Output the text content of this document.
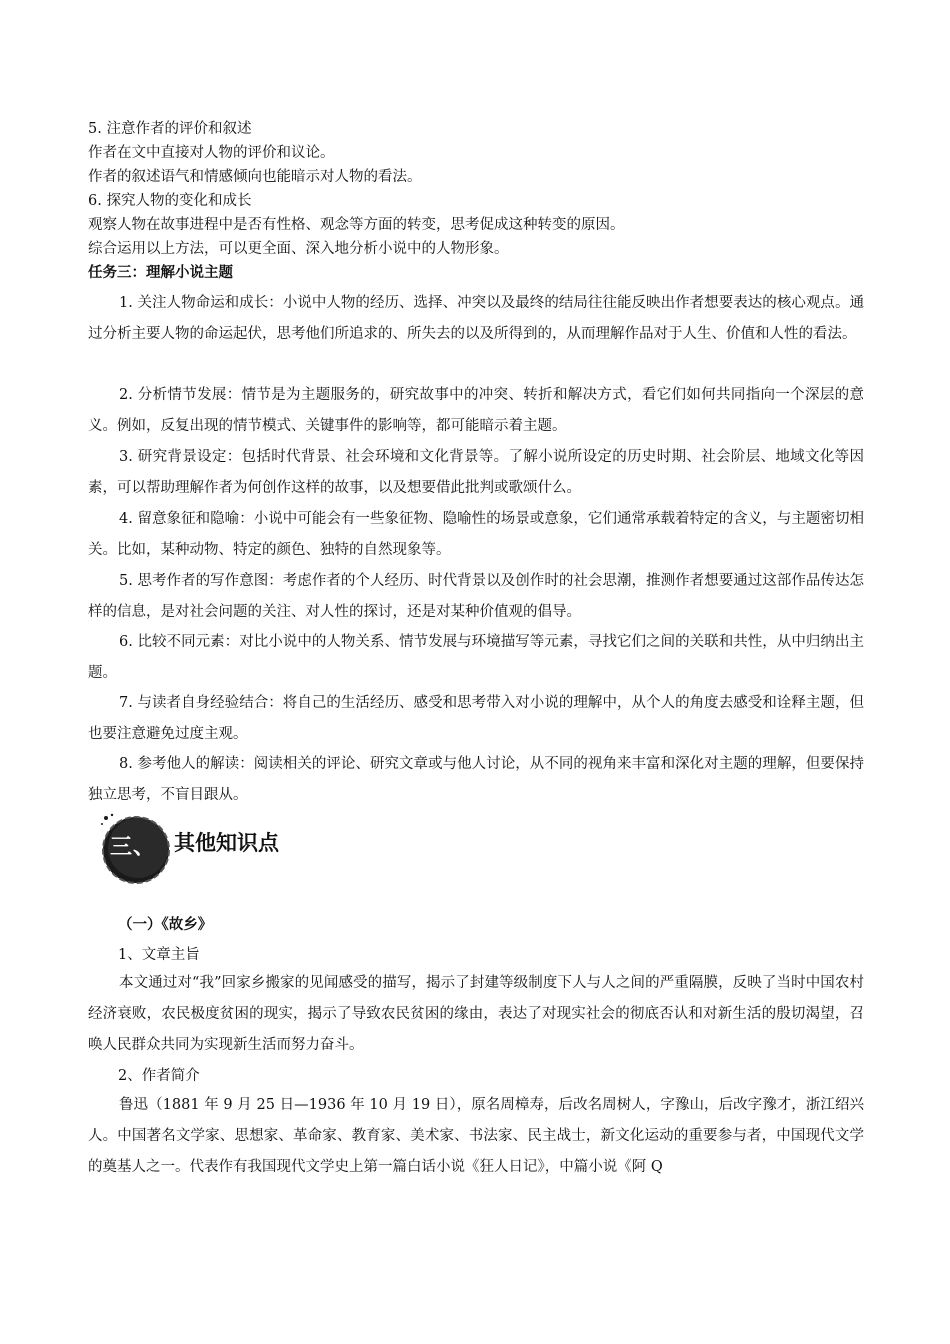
5. 注意作者的评价和叙述
作者在文中直接对人物的评价和议论。
作者的叙述语气和情感倾向也能暗示对人物的看法。
6. 探究人物的变化和成长
观察人物在故事进程中是否有性格、观念等方面的转变，思考促成这种转变的原因。
综合运用以上方法，可以更全面、深入地分析小说中的人物形象。
任务三：理解小说主题

1. 关注人物命运和成长：小说中人物的经历、选择、冲突以及最终的结局往往能反映出作者想要表达的核心观点。通过分析主要人物的命运起伏，思考他们所追求的、所失去的以及所得到的，从而理解作品对于人生、价值和人性的看法。

2. 分析情节发展：情节是为主题服务的，研究故事中的冲突、转折和解决方式，看它们如何共同指向一个深层的意义。例如，反复出现的情节模式、关键事件的影响等，都可能暗示着主题。

3. 研究背景设定：包括时代背景、社会环境和文化背景等。了解小说所设定的历史时期、社会阶层、地域文化等因素，可以帮助理解作者为何创作这样的故事，以及想要借此批判或歌颂什么。

4. 留意象征和隐喻：小说中可能会有一些象征物、隐喻性的场景或意象，它们通常承载着特定的含义，与主题密切相关。比如，某种动物、特定的颜色、独特的自然现象等。

5. 思考作者的写作意图：考虑作者的个人经历、时代背景以及创作时的社会思潮，推测作者想要通过这部作品传达怎样的信息，是对社会问题的关注、对人性的探讨，还是对某种价值观的倡导。

6. 比较不同元素：对比小说中的人物关系、情节发展与环境描写等元素，寻找它们之间的关联和共性，从中归纳出主题。

7. 与读者自身经验结合：将自己的生活经历、感受和思考带入对小说的理解中，从个人的角度去感受和诠释主题，但也要注意避免过度主观。

8. 参考他人的解读：阅读相关的评论、研究文章或与他人讨论，从不同的视角来丰富和深化对主题的理解，但要保持独立思考，不盲目跟从。

三、 其他知识点
（一）《故乡》
1、文章主旨

本文通过对“我”回家乡搬家的见闻感受的描写，揭示了封建等级制度下人与人之间的严重隔膜，反映了当时中国农村经济衰败，农民极度贫困的现实，揭示了导致农民贫困的缘由，表达了对现实社会的彻底否认和对新生活的殷切渴望，召唤人民群众共同为实现新生活而努力奋斗。

2、作者简介

鲁迅（1881 年 9 月 25 日—1936 年 10 月 19 日），原名周樟寿，后改名周树人，字豫山，后改字豫才，浙江绍兴人。中国著名文学家、思想家、革命家、教育家、美术家、书法家、民主战士，新文化运动的重要参与者，中国现代文学的奠基人之一。代表作有我国现代文学史上第一篇白话小说《狂人日记》，中篇小说《阿 Q
